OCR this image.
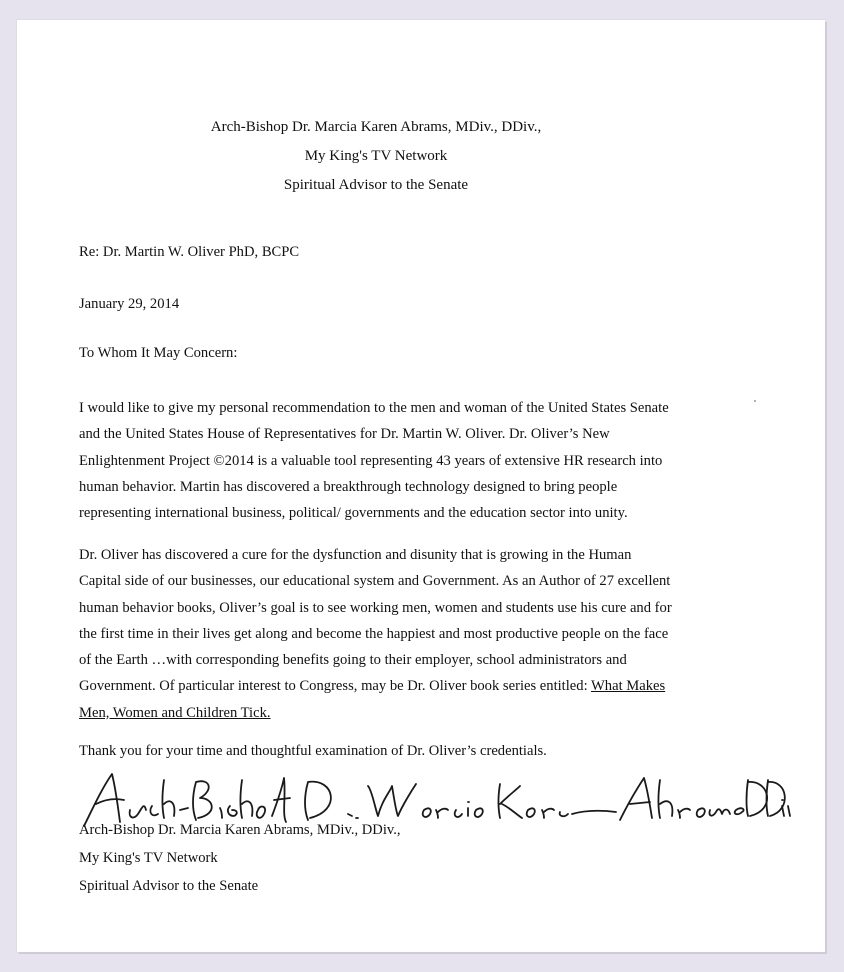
Arch-Bishop Dr. Marcia Karen Abrams, MDiv., DDiv.,
My King's TV Network
Spiritual Advisor to the Senate
Re: Dr. Martin W. Oliver PhD, BCPC
January 29, 2014
To Whom It May Concern:
I would like to give my personal recommendation to the men and woman of the United States Senate
and the United States House of Representatives for Dr. Martin W. Oliver. Dr. Oliver’s New
Enlightenment Project ©2014 is a valuable tool representing 43 years of extensive HR research into
human behavior. Martin has discovered a breakthrough technology designed to bring people
representing international business, political/ governments and the education sector into unity.
Dr. Oliver has discovered a cure for the dysfunction and disunity that is growing in the Human
Capital side of our businesses, our educational system and Government. As an Author of 27 excellent
human behavior books, Oliver’s goal is to see working men, women and students use his cure and for
the first time in their lives get along and become the happiest and most productive people on the face
of the Earth …with corresponding benefits going to their employer, school administrators and
Government. Of particular interest to Congress, may be Dr. Oliver book series entitled: What Makes
Men, Women and Children Tick.
Thank you for your time and thoughtful examination of Dr. Oliver’s credentials.
Arch-Bishop Dr. Marcia Karen Abrams, MDiv., DDiv.,
My King's TV Network
Spiritual Advisor to the Senate
